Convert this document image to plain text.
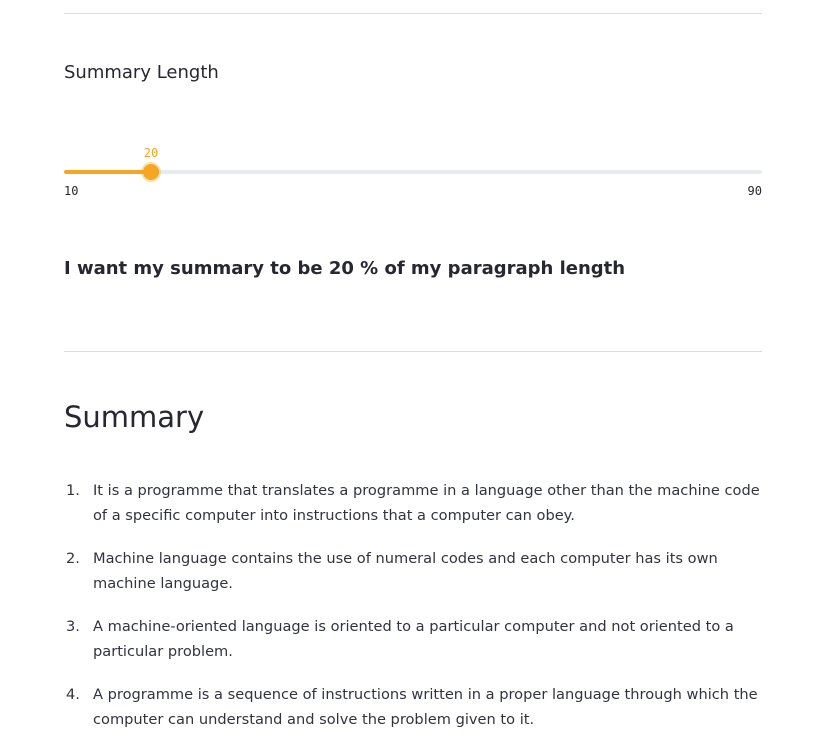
Summary Length
20
10	90
I want my summary to be 20 % of my paragraph length
Summary
1. It is a programme that translates a programme in a language other than the machine code of a specific computer into instructions that a computer can obey.
2. Machine language contains the use of numeral codes and each computer has its own machine language.
3. A machine-oriented language is oriented to a particular computer and not oriented to a particular problem.
4. A programme is a sequence of instructions written in a proper language through which the computer can understand and solve the problem given to it.
